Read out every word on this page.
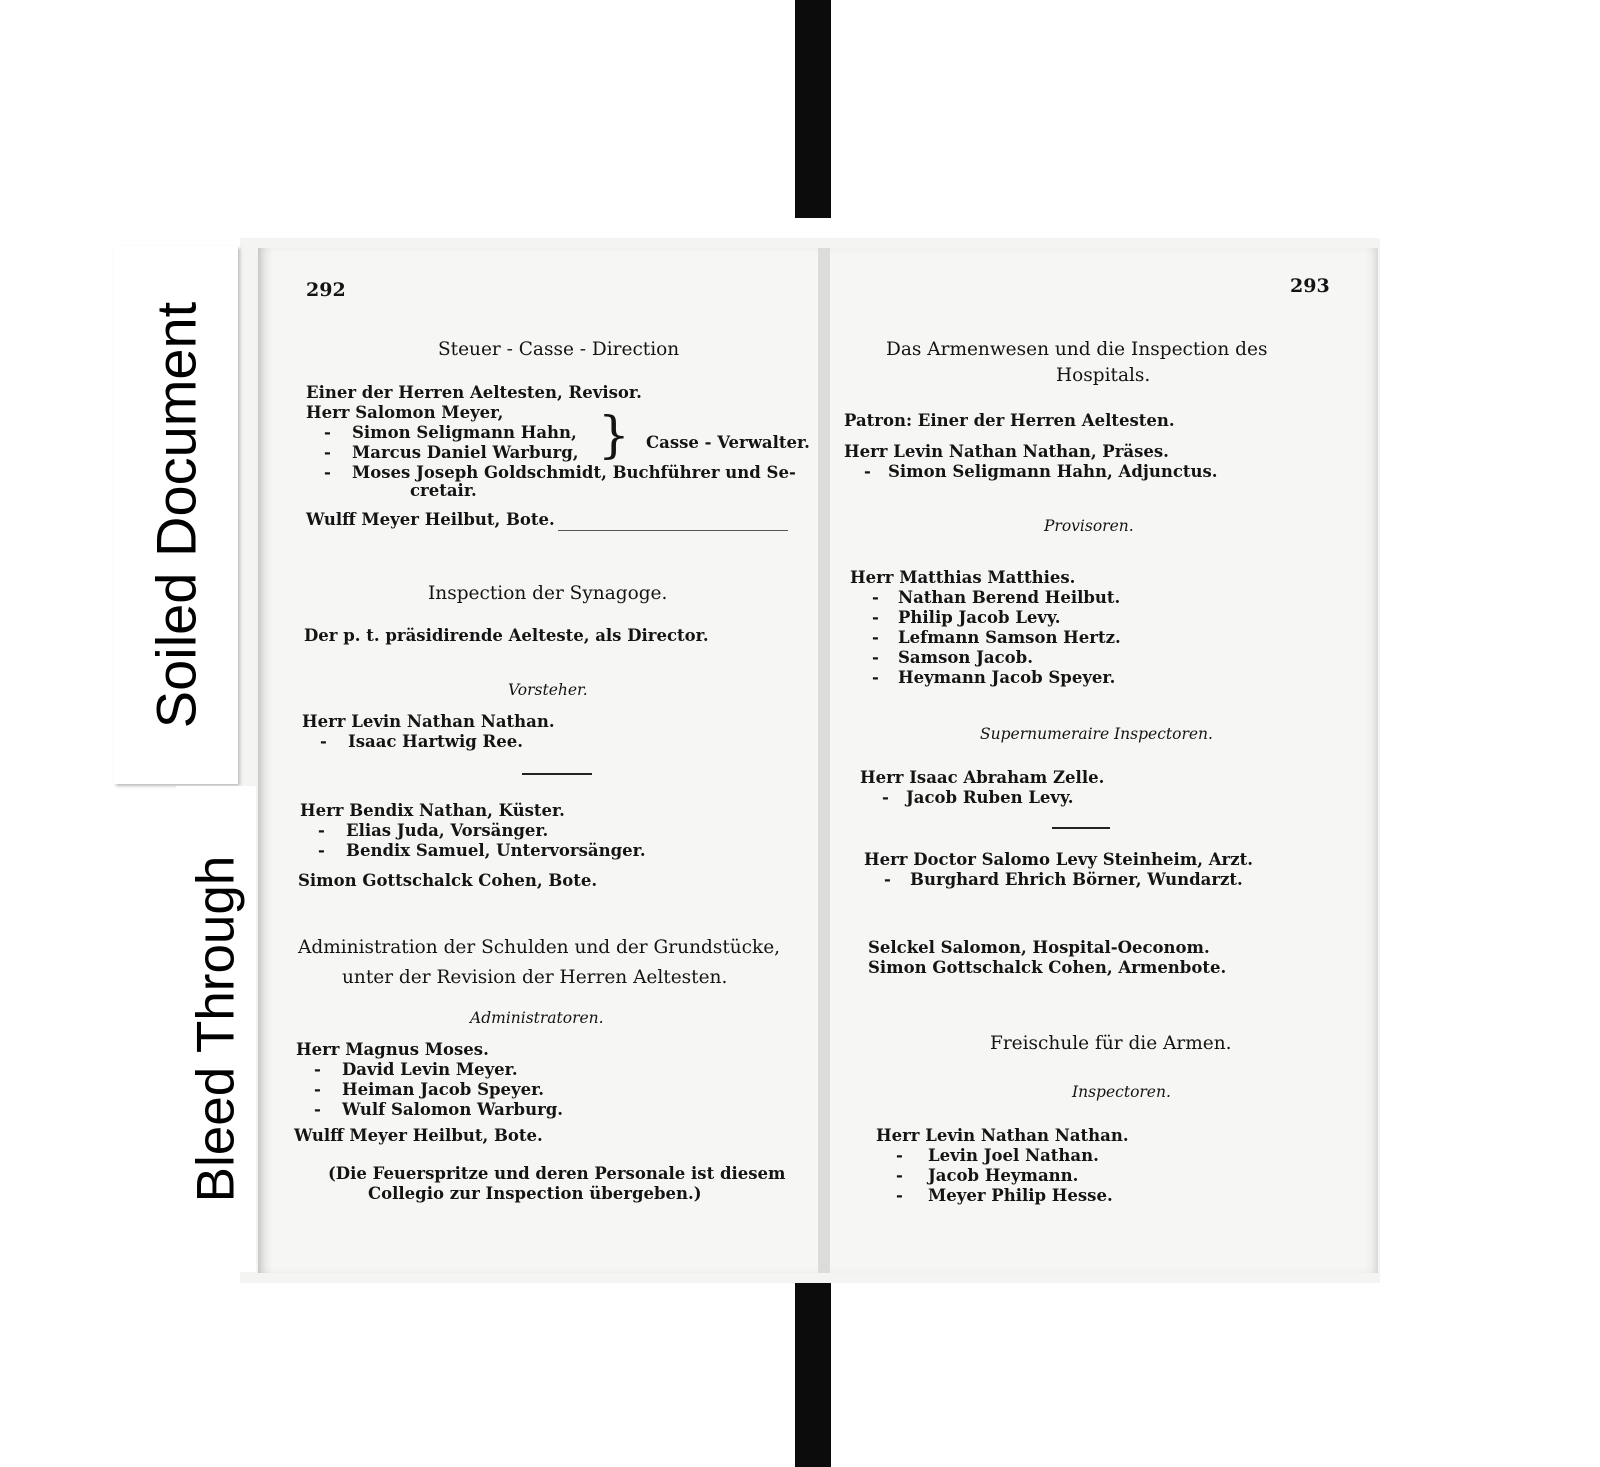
292
Steuer - Casse - Direction
Einer der Herren Aeltesten, Revisor.
Herr Salomon Meyer,
- Simon Seligmann Hahn,
- Marcus Daniel Warburg, } Casse - Verwalter.
- Moses Joseph Goldschmidt, Buchführer und Se-
cretair.
Wulff Meyer Heilbut, Bote.
Inspection der Synagoge.
Der p. t. präsidirende Aelteste, als Director.
Vorsteher.
Herr Levin Nathan Nathan.
- Isaac Hartwig Ree.
Herr Bendix Nathan, Küster.
- Elias Juda, Vorsänger.
- Bendix Samuel, Untervorsänger.
Simon Gottschalck Cohen, Bote.
Administration der Schulden und der Grundstücke,
unter der Revision der Herren Aeltesten.
Administratoren.
Herr Magnus Moses.
- David Levin Meyer.
- Heiman Jacob Speyer.
- Wulf Salomon Warburg.
Wulff Meyer Heilbut, Bote.
(Die Feuerspritze und deren Personale ist diesem
Collegio zur Inspection übergeben.)
293
Das Armenwesen und die Inspection des
Hospitals.
Patron: Einer der Herren Aeltesten.
Herr Levin Nathan Nathan, Präses.
- Simon Seligmann Hahn, Adjunctus.
Provisoren.
Herr Matthias Matthies.
- Nathan Berend Heilbut.
- Philip Jacob Levy.
- Lefmann Samson Hertz.
- Samson Jacob.
- Heymann Jacob Speyer.
Supernumeraire Inspectoren.
Herr Isaac Abraham Zelle.
- Jacob Ruben Levy.
Herr Doctor Salomo Levy Steinheim, Arzt.
- Burghard Ehrich Börner, Wundarzt.
Selckel Salomon, Hospital-Oeconom.
Simon Gottschalck Cohen, Armenbote.
Freischule für die Armen.
Inspectoren.
Herr Levin Nathan Nathan.
- Levin Joel Nathan.
- Jacob Heymann.
- Meyer Philip Hesse.
Soiled Document
Bleed Through
